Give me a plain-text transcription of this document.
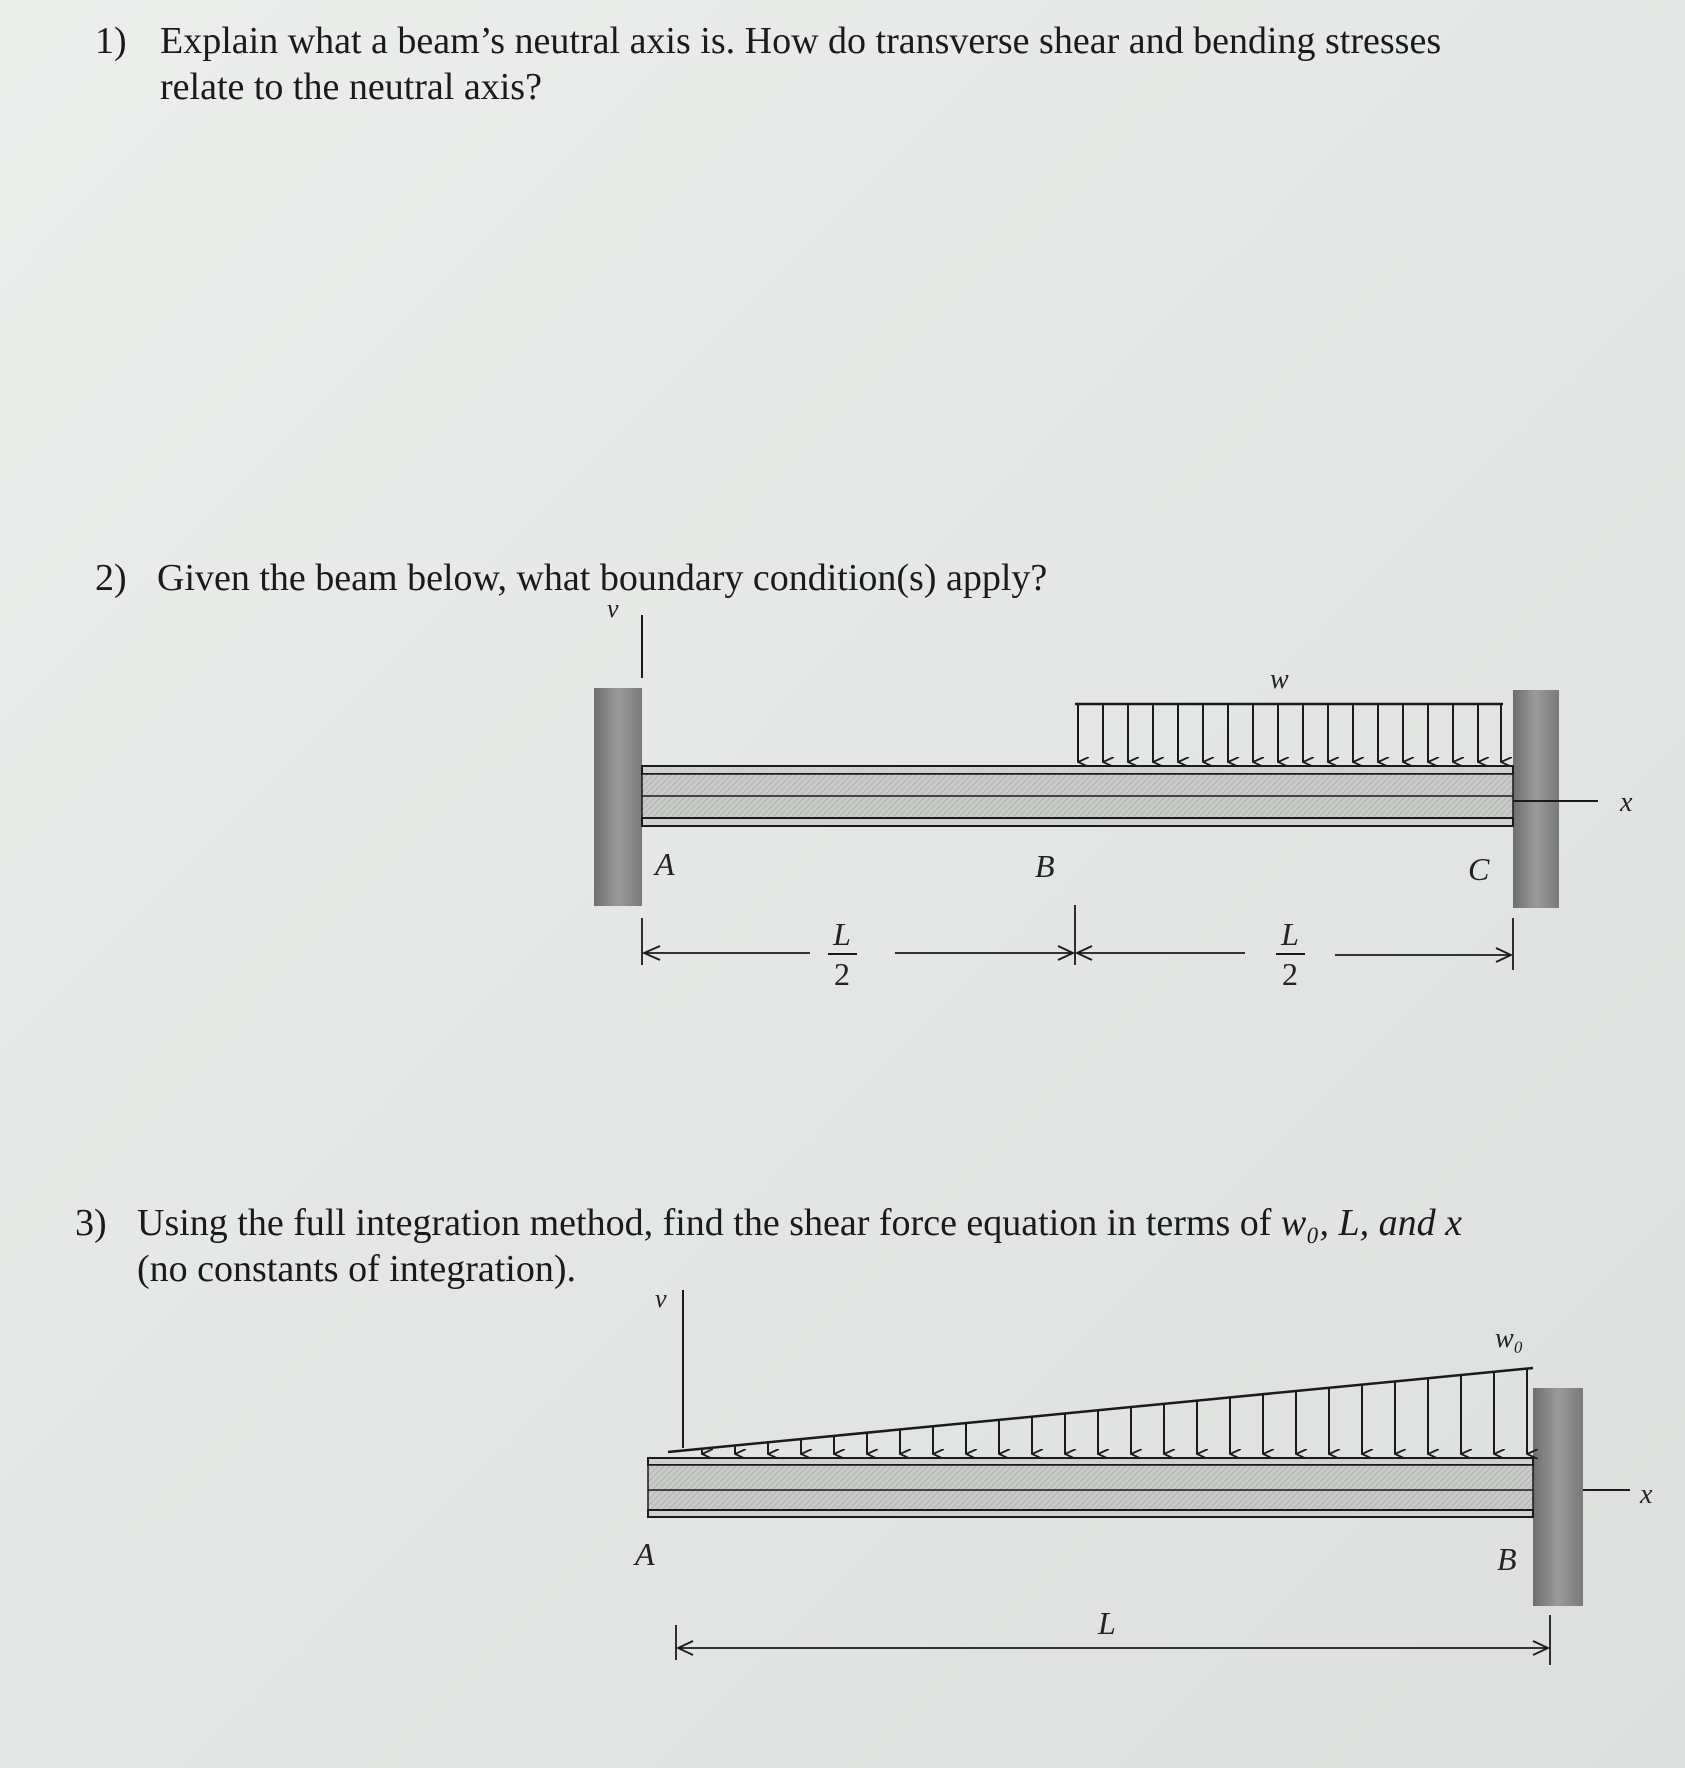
1) Explain what a beam’s neutral axis is. How do transverse shear and bending stresses
relate to the neutral axis?

2) Given the beam below, what boundary condition(s) apply?

3) Using the full integration method, find the shear force equation in terms of w₀, L, and x
(no constants of integration).

v
x
w
A	B	C
L
2
L
2
v
x
w₀
A	B
L
